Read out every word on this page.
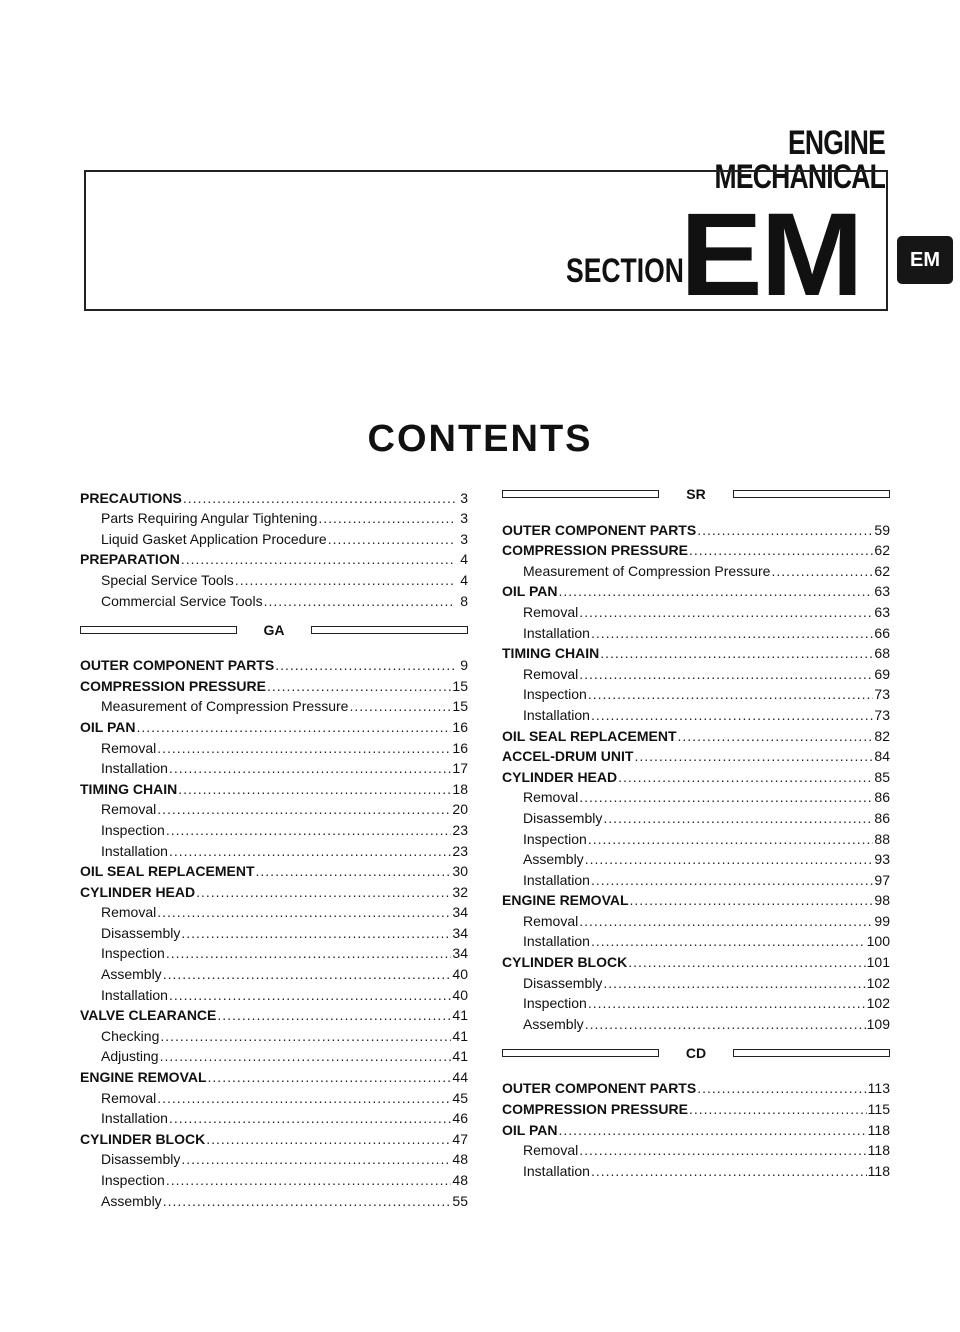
ENGINE MECHANICAL
SECTION
EM	EM
CONTENTS
PRECAUTIONS .....	3
Parts Requiring Angular Tightening .....	3
Liquid Gasket Application Procedure .....	3
PREPARATION .....	4
Special Service Tools .....	4
Commercial Service Tools .....	8
GA
OUTER COMPONENT PARTS .....	9
COMPRESSION PRESSURE .....	15
Measurement of Compression Pressure .....	15
OIL PAN .....	16
Removal .....	16
Installation .....	17
TIMING CHAIN .....	18
Removal .....	20
Inspection .....	23
Installation .....	23
OIL SEAL REPLACEMENT .....	30
CYLINDER HEAD .....	32
Removal .....	34
Disassembly .....	34
Inspection .....	34
Assembly .....	40
Installation .....	40
VALVE CLEARANCE .....	41
Checking .....	41
Adjusting .....	41
ENGINE REMOVAL .....	44
Removal .....	45
Installation .....	46
CYLINDER BLOCK .....	47
Disassembly .....	48
Inspection .....	48
Assembly .....	55
SR
OUTER COMPONENT PARTS .....	59
COMPRESSION PRESSURE .....	62
Measurement of Compression Pressure .....	62
OIL PAN .....	63
Removal .....	63
Installation .....	66
TIMING CHAIN .....	68
Removal .....	69
Inspection .....	73
Installation .....	73
OIL SEAL REPLACEMENT .....	82
ACCEL-DRUM UNIT .....	84
CYLINDER HEAD .....	85
Removal .....	86
Disassembly .....	86
Inspection .....	88
Assembly .....	93
Installation .....	97
ENGINE REMOVAL .....	98
Removal .....	99
Installation .....	100
CYLINDER BLOCK .....	101
Disassembly .....	102
Inspection .....	102
Assembly .....	109
CD
OUTER COMPONENT PARTS .....	113
COMPRESSION PRESSURE .....	115
OIL PAN .....	118
Removal .....	118
Installation .....	118
